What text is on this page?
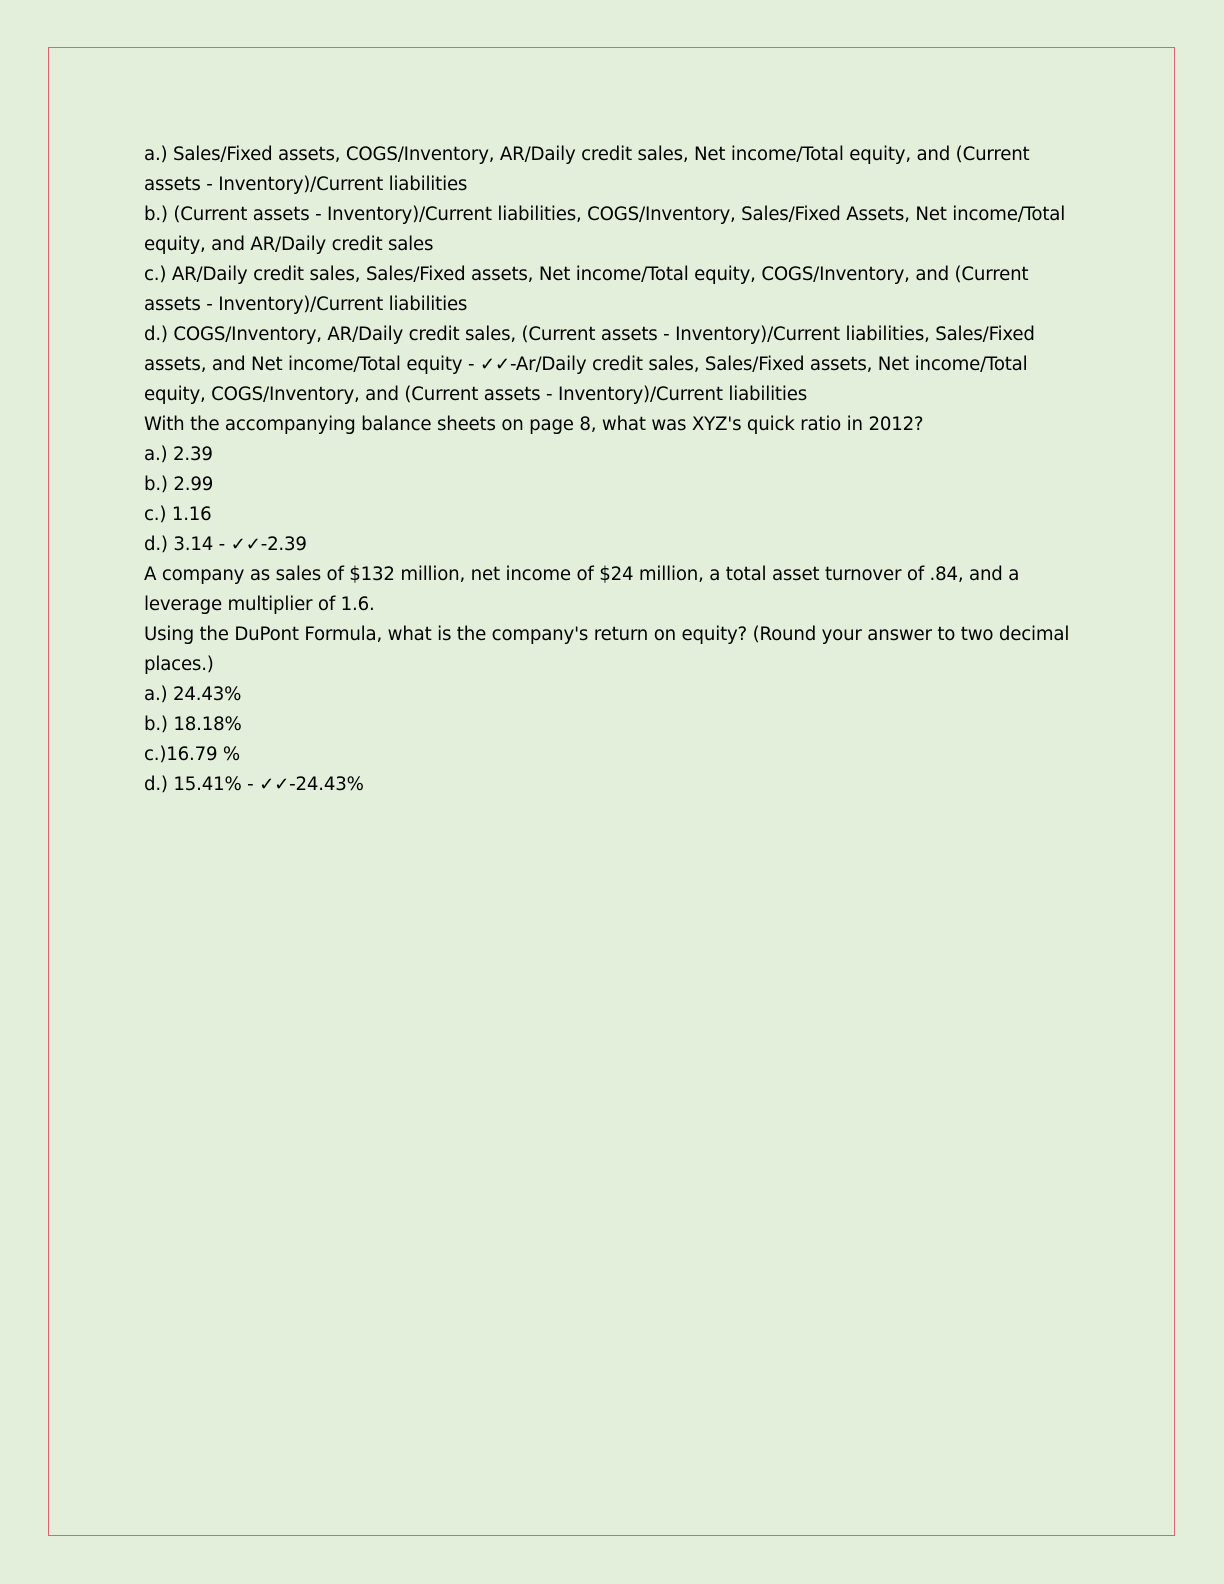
a.) Sales/Fixed assets, COGS/Inventory, AR/Daily credit sales, Net income/Total equity, and (Current assets - Inventory)/Current liabilities

b.) (Current assets - Inventory)/Current liabilities, COGS/Inventory, Sales/Fixed Assets, Net income/Total equity, and AR/Daily credit sales

c.) AR/Daily credit sales, Sales/Fixed assets, Net income/Total equity, COGS/Inventory, and (Current assets - Inventory)/Current liabilities

d.) COGS/Inventory, AR/Daily credit sales, (Current assets - Inventory)/Current liabilities, Sales/Fixed assets, and Net income/Total equity - ✓✓-Ar/Daily credit sales, Sales/Fixed assets, Net income/Total equity, COGS/Inventory, and (Current assets - Inventory)/Current liabilities

With the accompanying balance sheets on page 8, what was XYZ's quick ratio in 2012?

a.) 2.39

b.) 2.99

c.) 1.16

d.) 3.14 - ✓✓-2.39

A company as sales of $132 million, net income of $24 million, a total asset turnover of .84, and a leverage multiplier of 1.6.

Using the DuPont Formula, what is the company's return on equity? (Round your answer to two decimal places.)

a.) 24.43%

b.) 18.18%

c.)16.79 %

d.) 15.41% - ✓✓-24.43%
